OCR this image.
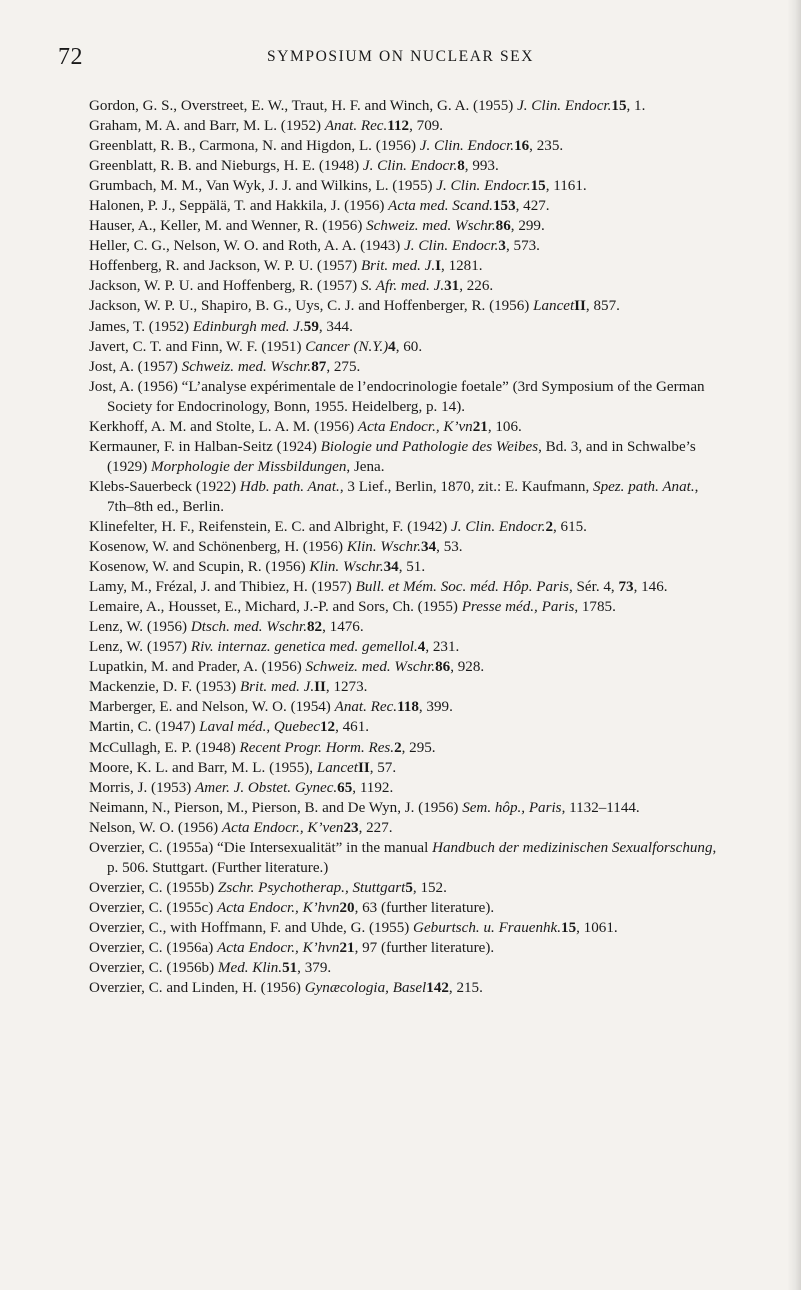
72	SYMPOSIUM ON NUCLEAR SEX

Gordon, G. S., Overstreet, E. W., Traut, H. F. and Winch, G. A. (1955) J. Clin. Endocr.15, 1.

Graham, M. A. and Barr, M. L. (1952) Anat. Rec.112, 709.

Greenblatt, R. B., Carmona, N. and Higdon, L. (1956) J. Clin. Endocr.16, 235.

Greenblatt, R. B. and Nieburgs, H. E. (1948) J. Clin. Endocr.8, 993.

Grumbach, M. M., Van Wyk, J. J. and Wilkins, L. (1955) J. Clin. Endocr.15, 1161.

Halonen, P. J., Seppälä, T. and Hakkila, J. (1956) Acta med. Scand.153, 427.

Hauser, A., Keller, M. and Wenner, R. (1956) Schweiz. med. Wschr.86, 299.

Heller, C. G., Nelson, W. O. and Roth, A. A. (1943) J. Clin. Endocr.3, 573.

Hoffenberg, R. and Jackson, W. P. U. (1957) Brit. med. J.I, 1281.

Jackson, W. P. U. and Hoffenberg, R. (1957) S. Afr. med. J.31, 226.

Jackson, W. P. U., Shapiro, B. G., Uys, C. J. and Hoffenberger, R. (1956) LancetII, 857.

James, T. (1952) Edinburgh med. J.59, 344.

Javert, C. T. and Finn, W. F. (1951) Cancer (N.Y.)4, 60.

Jost, A. (1957) Schweiz. med. Wschr.87, 275.

Jost, A. (1956) “L’analyse expérimentale de l’endocrinologie foetale” (3rd Symposium of the German Society for Endocrinology, Bonn, 1955. Heidelberg, p. 14).

Kerkhoff, A. M. and Stolte, L. A. M. (1956) Acta Endocr., K’vn21, 106.

Kermauner, F. in Halban-Seitz (1924) Biologie und Pathologie des Weibes, Bd. 3, and in Schwalbe’s (1929) Morphologie der Missbildungen, Jena.

Klebs-Sauerbeck (1922) Hdb. path. Anat., 3 Lief., Berlin, 1870, zit.: E. Kaufmann, Spez. path. Anat., 7th–8th ed., Berlin.

Klinefelter, H. F., Reifenstein, E. C. and Albright, F. (1942) J. Clin. Endocr.2, 615.

Kosenow, W. and Schönenberg, H. (1956) Klin. Wschr.34, 53.

Kosenow, W. and Scupin, R. (1956) Klin. Wschr.34, 51.

Lamy, M., Frézal, J. and Thibiez, H. (1957) Bull. et Mém. Soc. méd. Hôp. Paris, Sér. 4, 73, 146.

Lemaire, A., Housset, E., Michard, J.-P. and Sors, Ch. (1955) Presse méd., Paris, 1785.

Lenz, W. (1956) Dtsch. med. Wschr.82, 1476.

Lenz, W. (1957) Riv. internaz. genetica med. gemellol.4, 231.

Lupatkin, M. and Prader, A. (1956) Schweiz. med. Wschr.86, 928.

Mackenzie, D. F. (1953) Brit. med. J.II, 1273.

Marberger, E. and Nelson, W. O. (1954) Anat. Rec.118, 399.

Martin, C. (1947) Laval méd., Quebec12, 461.

McCullagh, E. P. (1948) Recent Progr. Horm. Res.2, 295.

Moore, K. L. and Barr, M. L. (1955), LancetII, 57.

Morris, J. (1953) Amer. J. Obstet. Gynec.65, 1192.

Neimann, N., Pierson, M., Pierson, B. and De Wyn, J. (1956) Sem. hôp., Paris, 1132–1144.

Nelson, W. O. (1956) Acta Endocr., K’ven23, 227.

Overzier, C. (1955a) “Die Intersexualität” in the manual Handbuch der medizinischen Sexualforschung, p. 506. Stuttgart. (Further literature.)

Overzier, C. (1955b) Zschr. Psychotherap., Stuttgart5, 152.

Overzier, C. (1955c) Acta Endocr., K’hvn20, 63 (further literature).

Overzier, C., with Hoffmann, F. and Uhde, G. (1955) Geburtsch. u. Frauenhk.15, 1061.

Overzier, C. (1956a) Acta Endocr., K’hvn21, 97 (further literature).

Overzier, C. (1956b) Med. Klin.51, 379.

Overzier, C. and Linden, H. (1956) Gynæcologia, Basel142, 215.
